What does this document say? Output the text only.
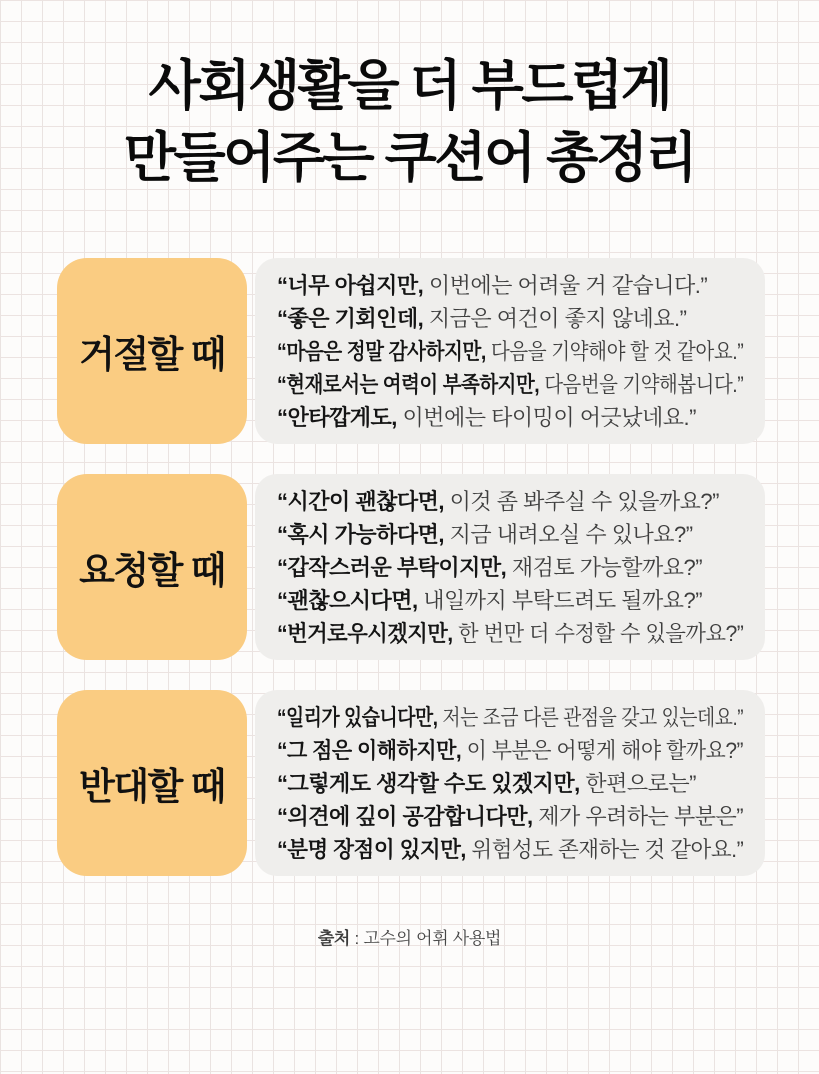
사회생활을 더 부드럽게
만들어주는 쿠션어 총정리
거절할 때

“너무 아쉽지만, 이번에는 어려울 거 같습니다.”

“좋은 기회인데, 지금은 여건이 좋지 않네요.”

“마음은 정말 감사하지만, 다음을 기약해야 할 것 같아요.”

“현재로서는 여력이 부족하지만, 다음번을 기약해봅니다.”

“안타깝게도, 이번에는 타이밍이 어긋났네요.”

요청할 때

“시간이 괜찮다면, 이것 좀 봐주실 수 있을까요?”

“혹시 가능하다면, 지금 내려오실 수 있나요?”

“갑작스러운 부탁이지만, 재검토 가능할까요?”

“괜찮으시다면, 내일까지 부탁드려도 될까요?”

“번거로우시겠지만, 한 번만 더 수정할 수 있을까요?”

반대할 때

“일리가 있습니다만, 저는 조금 다른 관점을 갖고 있는데요.”

“그 점은 이해하지만, 이 부분은 어떻게 해야 할까요?”

“그렇게도 생각할 수도 있겠지만, 한편으로는”

“의견에 깊이 공감합니다만, 제가 우려하는 부분은”

“분명 장점이 있지만, 위험성도 존재하는 것 같아요.”

출처 : 고수의 어휘 사용법
